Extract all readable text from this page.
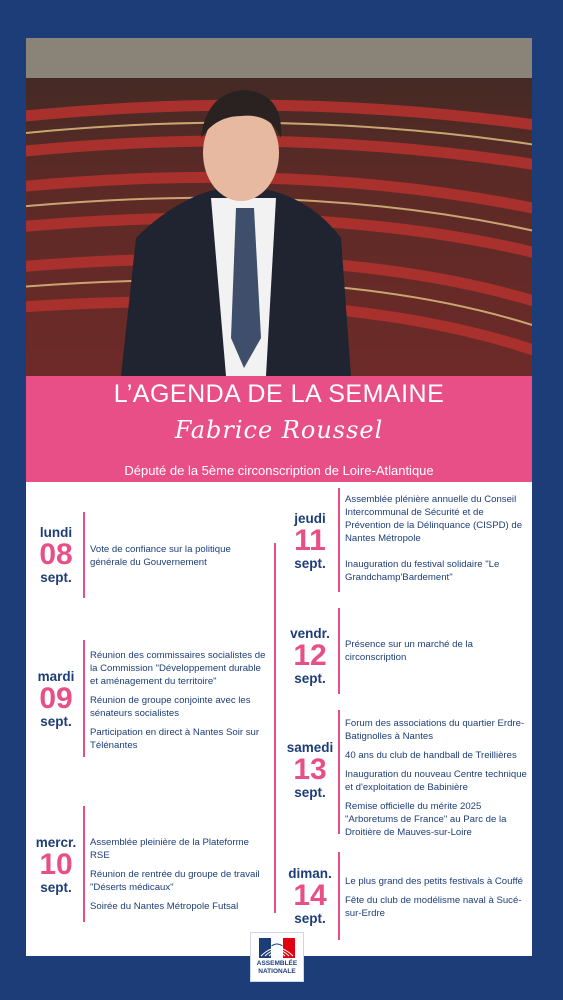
L’AGENDA DE LA SEMAINE
Fabrice Roussel
Député de la 5ème circonscription de Loire-Atlantique
lundi
08
sept.

Vote de confiance sur la politique générale du Gouvernement

mardi
09
sept.

Réunion des commissaires socialistes de la Commission "Développement durable et aménagement du territoire"

Réunion de groupe conjointe avec les sénateurs socialistes

Participation en direct à Nantes Soir sur Télénantes

mercr.
10
sept.

Assemblée pleinière de la Plateforme RSE

Réunion de rentrée du groupe de travail "Déserts médicaux"

Soirée du Nantes Métropole Futsal

jeudi
11
sept.

Assemblée plénière annuelle du Conseil Intercommunal de Sécurité et de Prévention de la Délinquance (CISPD) de Nantes Métropole

Inauguration du festival solidaire "Le Grandchamp'Bardement"

vendr.
12
sept.

Présence sur un marché de la circonscription

samedi
13
sept.

Forum des associations du quartier Erdre-Batignolles à Nantes

40 ans du club de handball de Treillières

Inauguration du nouveau Centre technique et d'exploitation de Babinière

Remise officielle du mérite 2025 "Arboretums de France" au Parc de la Droitière de Mauves-sur-Loire

diman.
14
sept.

Le plus grand des petits festivals à Couffé

Fête du club de modélisme naval à Sucé-sur-Erdre

ASSEMBLÉE
NATIONALE
